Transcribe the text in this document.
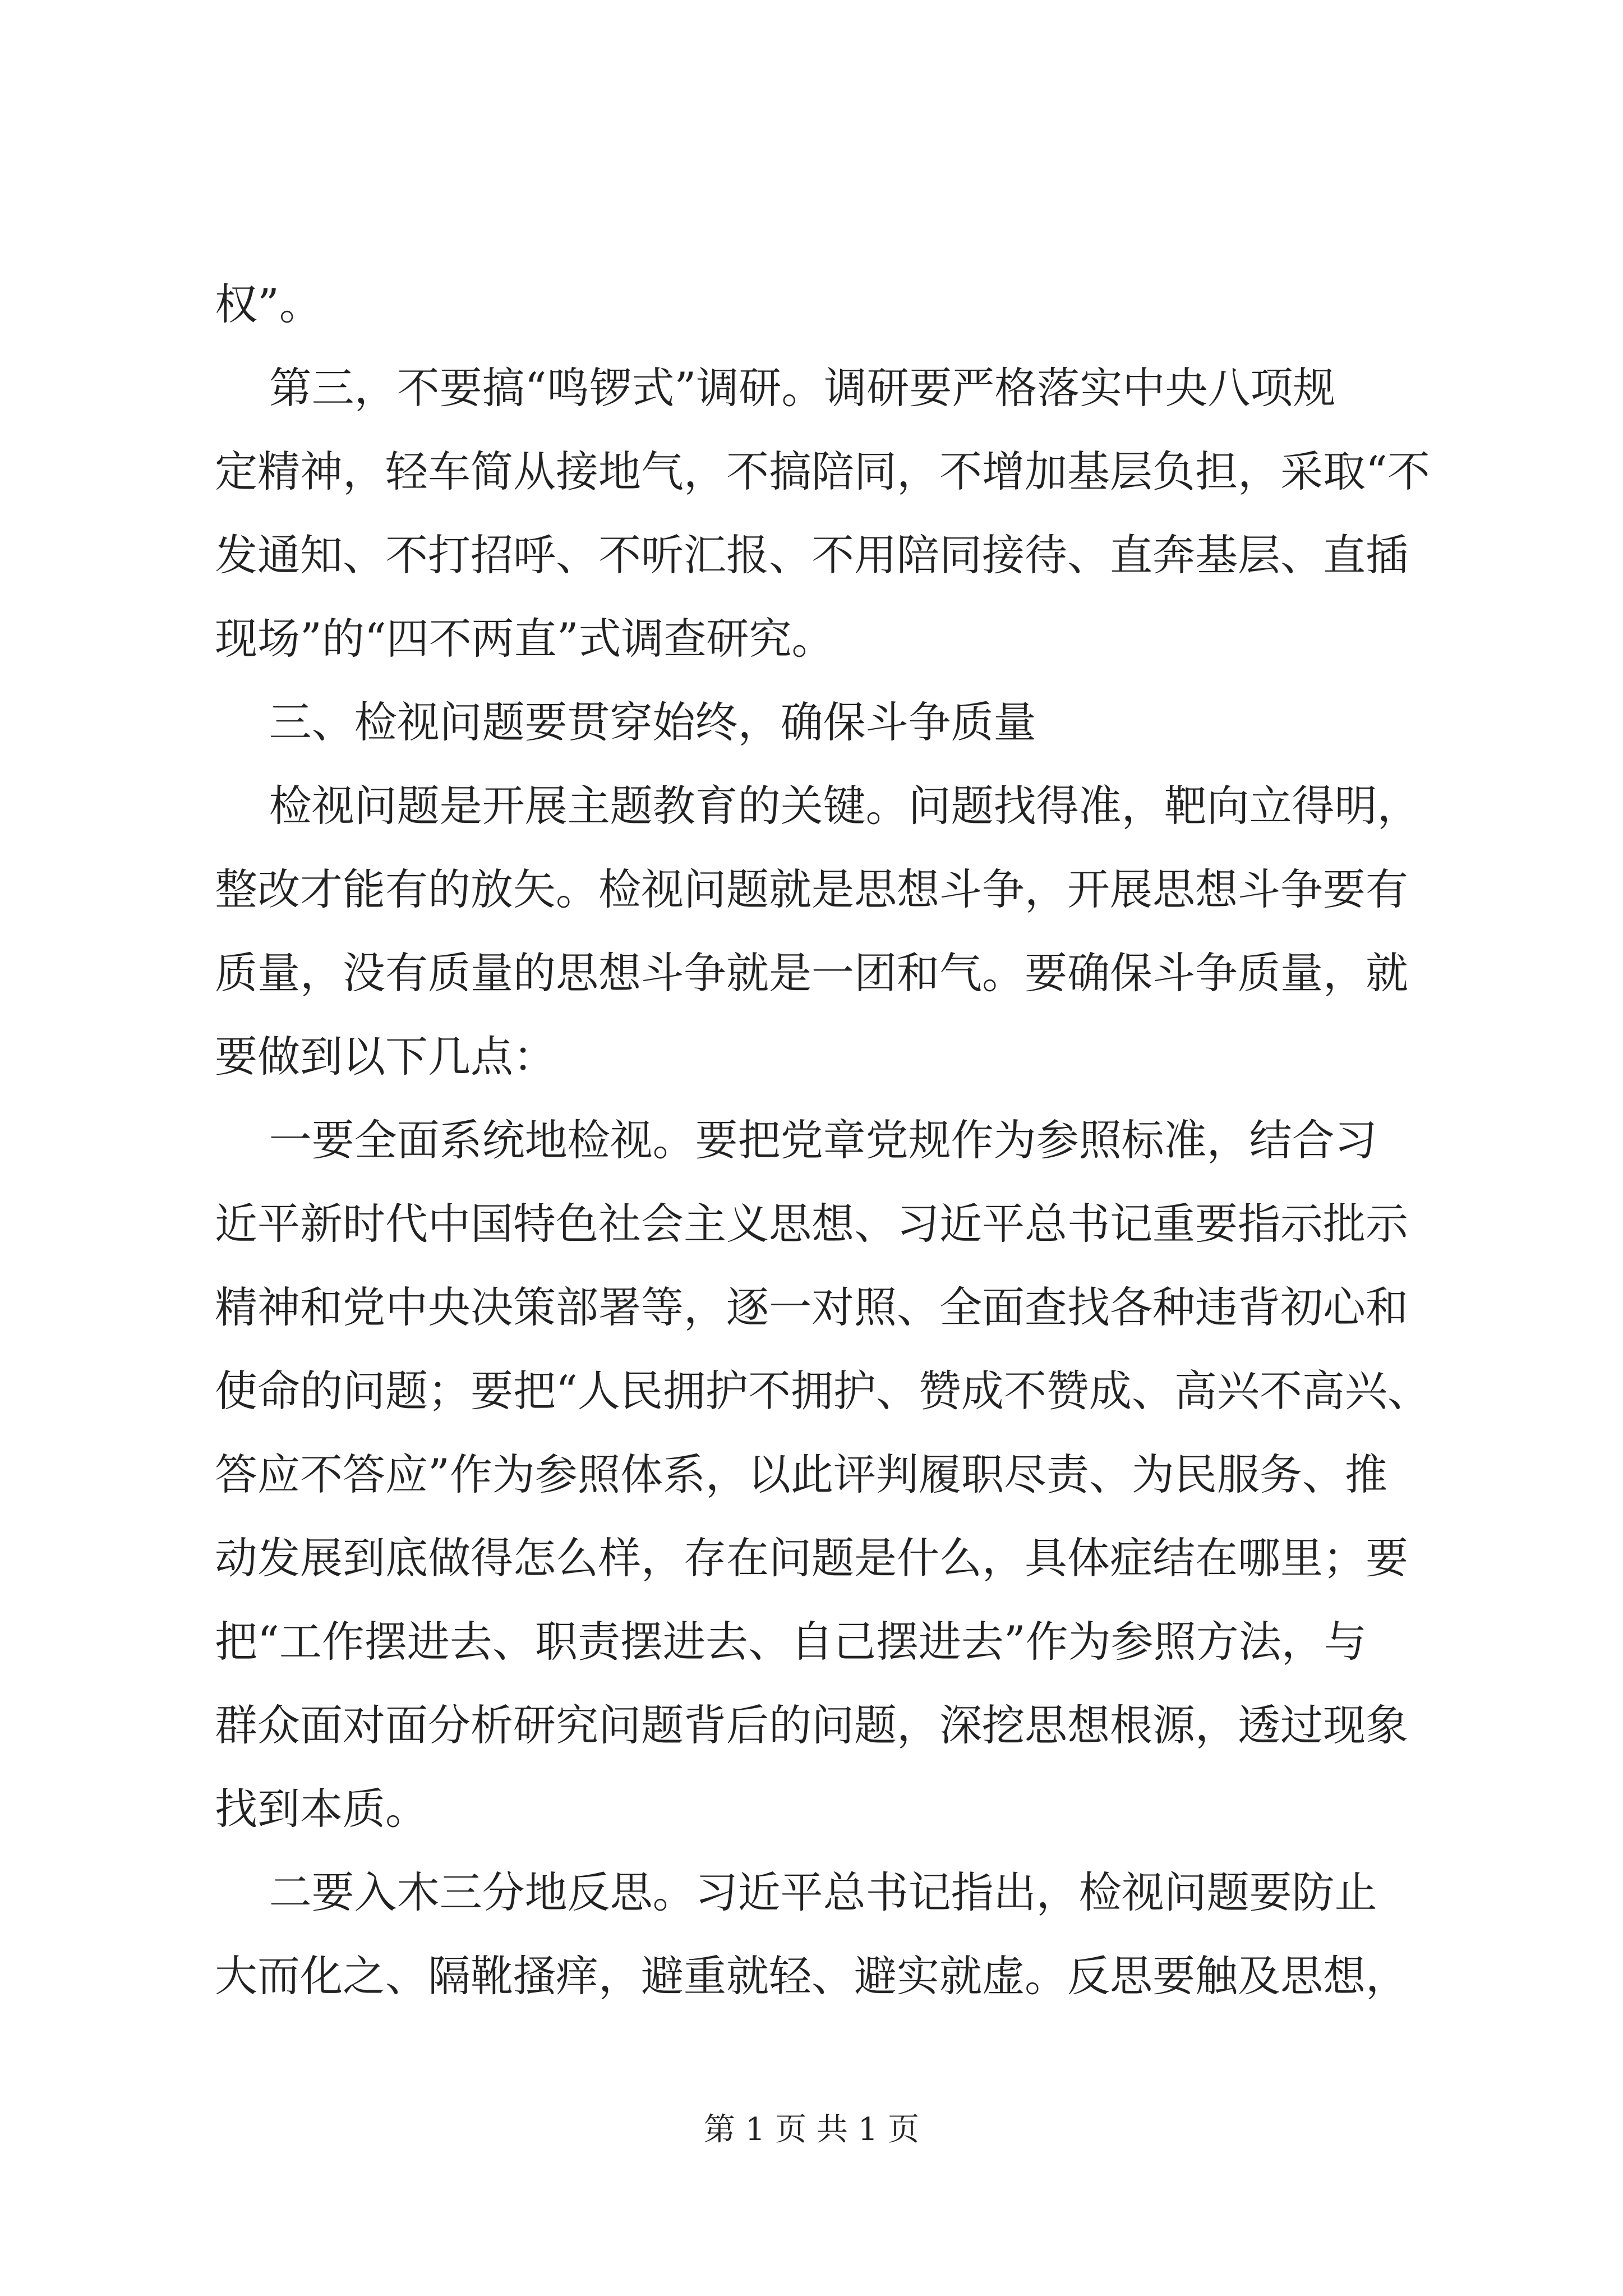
权”。
第三，不要搞“鸣锣式”调研。调研要严格落实中央八项规
定精神，轻车简从接地气，不搞陪同，不增加基层负担，采取“不
发通知、不打招呼、不听汇报、不用陪同接待、直奔基层、直插
现场”的“四不两直”式调查研究。
三、检视问题要贯穿始终，确保斗争质量
检视问题是开展主题教育的关键。问题找得准，靶向立得明，
整改才能有的放矢。检视问题就是思想斗争，开展思想斗争要有
质量，没有质量的思想斗争就是一团和气。要确保斗争质量，就
要做到以下几点：
一要全面系统地检视。要把党章党规作为参照标准，结合习
近平新时代中国特色社会主义思想、习近平总书记重要指示批示
精神和党中央决策部署等，逐一对照、全面查找各种违背初心和
使命的问题；要把“人民拥护不拥护、赞成不赞成、高兴不高兴、
答应不答应”作为参照体系，以此评判履职尽责、为民服务、推
动发展到底做得怎么样，存在问题是什么，具体症结在哪里；要
把“工作摆进去、职责摆进去、自己摆进去”作为参照方法，与
群众面对面分析研究问题背后的问题，深挖思想根源，透过现象
找到本质。
二要入木三分地反思。习近平总书记指出，检视问题要防止
大而化之、隔靴搔痒，避重就轻、避实就虚。反思要触及思想，
第 1 页 共 1 页
